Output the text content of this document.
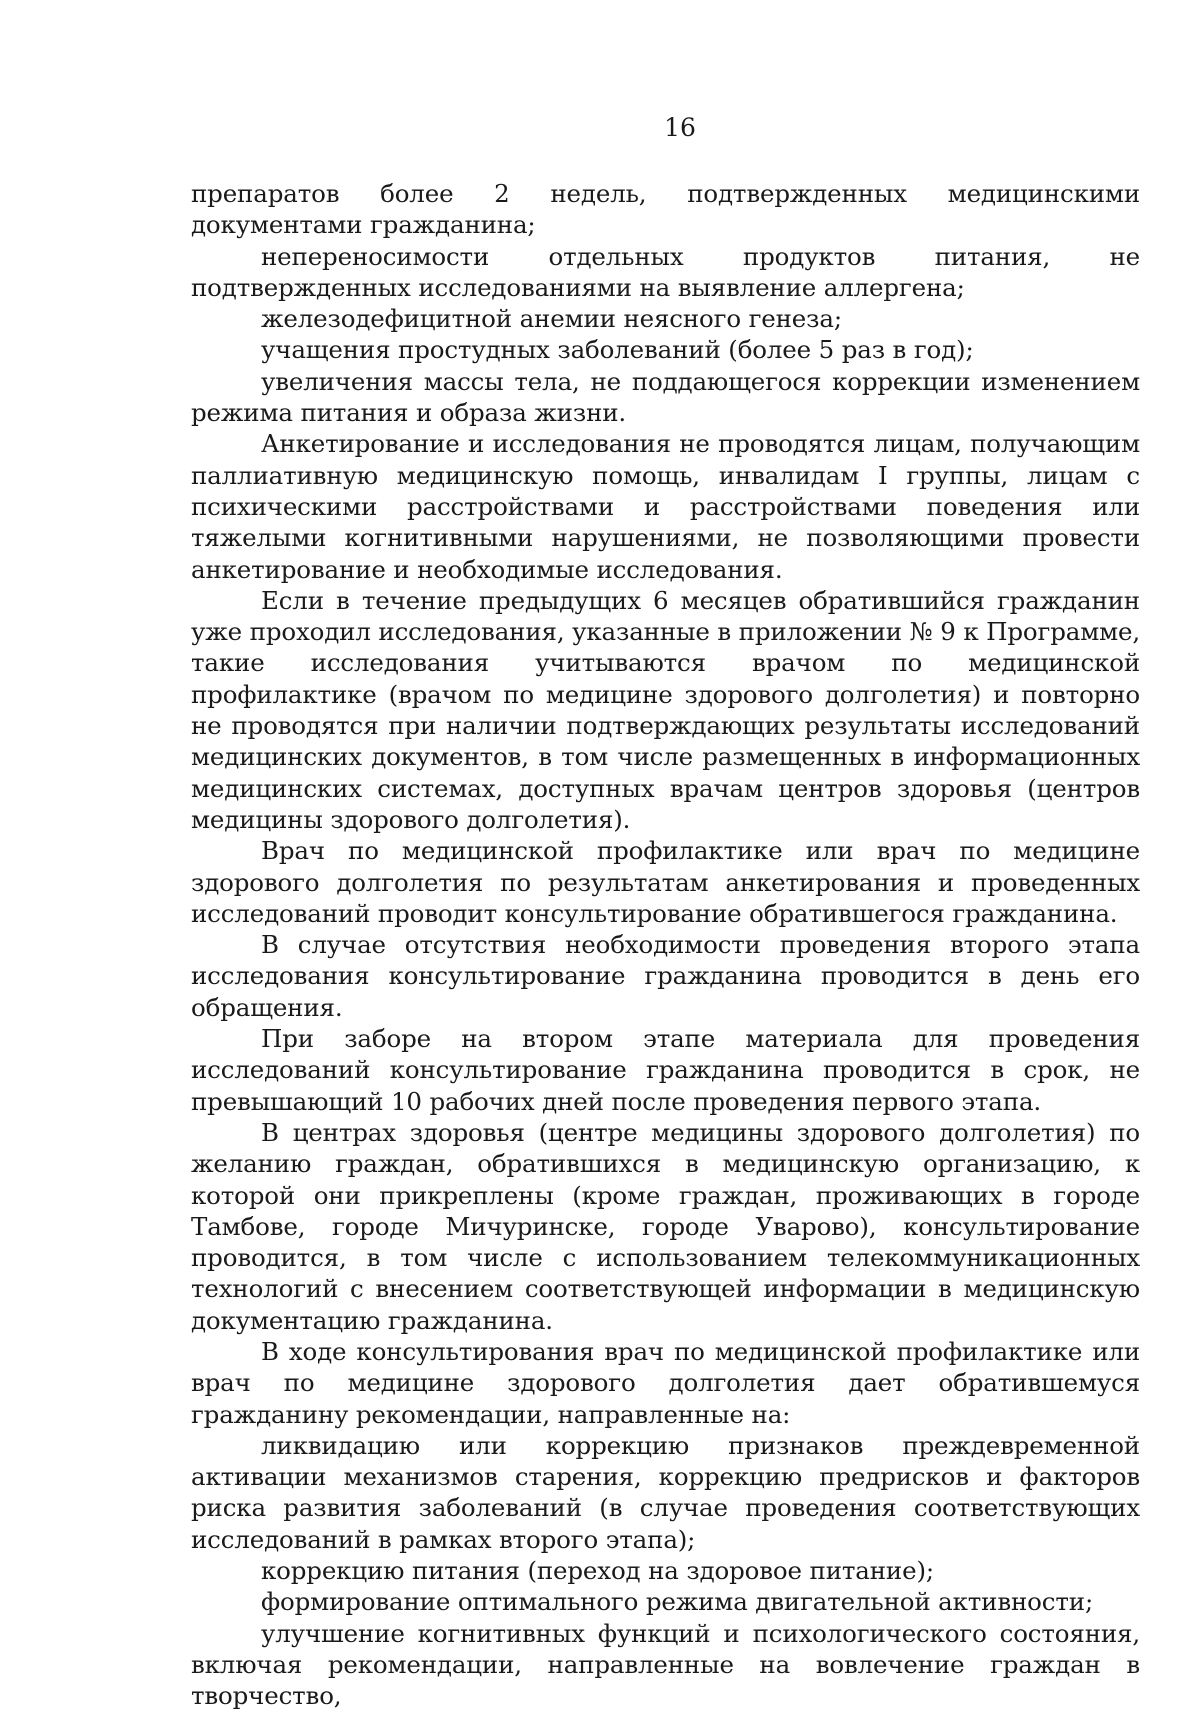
16

препаратов более 2 недель, подтвержденных медицинскими документами гражданина;

непереносимости отдельных продуктов питания, не подтвержденных исследованиями на выявление аллергена;

железодефицитной анемии неясного генеза;

учащения простудных заболеваний (более 5 раз в год);

увеличения массы тела, не поддающегося коррекции изменением режима питания и образа жизни.

Анкетирование и исследования не проводятся лицам, получающим паллиативную медицинскую помощь, инвалидам I группы, лицам с психическими расстройствами и расстройствами поведения или тяжелыми когнитивными нарушениями, не позволяющими провести анкетирование и необходимые исследования.

Если в течение предыдущих 6 месяцев обратившийся гражданин уже проходил исследования, указанные в приложении № 9 к Программе, такие исследования учитываются врачом по медицинской профилактике (врачом по медицине здорового долголетия) и повторно не проводятся при наличии подтверждающих результаты исследований медицинских документов, в том числе размещенных в информационных медицинских системах, доступных врачам центров здоровья (центров медицины здорового долголетия).

Врач по медицинской профилактике или врач по медицине здорового долголетия по результатам анкетирования и проведенных исследований проводит консультирование обратившегося гражданина.

В случае отсутствия необходимости проведения второго этапа исследования консультирование гражданина проводится в день его обращения.

При заборе на втором этапе материала для проведения исследований консультирование гражданина проводится в срок, не превышающий 10 рабочих дней после проведения первого этапа.

В центрах здоровья (центре медицины здорового долголетия) по желанию граждан, обратившихся в медицинскую организацию, к которой они прикреплены (кроме граждан, проживающих в городе Тамбове, городе Мичуринске, городе Уварово), консультирование проводится, в том числе с использованием телекоммуникационных технологий с внесением соответствующей информации в медицинскую документацию гражданина.

В ходе консультирования врач по медицинской профилактике или врач по медицине здорового долголетия дает обратившемуся гражданину рекомендации, направленные на:

ликвидацию или коррекцию признаков преждевременной активации механизмов старения, коррекцию предрисков и факторов риска развития заболеваний (в случае проведения соответствующих исследований в рамках второго этапа);

коррекцию питания (переход на здоровое питание);

формирование оптимального режима двигательной активности;

улучшение когнитивных функций и психологического состояния, включая рекомендации, направленные на вовлечение граждан в творчество,
